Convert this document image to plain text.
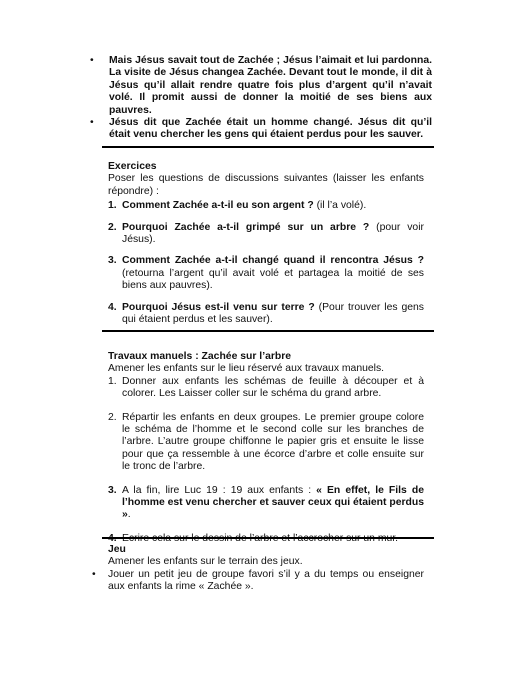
• Mais Jésus savait tout de Zachée ; Jésus l’aimait et lui pardonna. La visite de Jésus changea Zachée. Devant tout le monde, il dit à Jésus qu’il allait rendre quatre fois plus d’argent qu’il n’avait volé. Il promit aussi de donner la moitié de ses biens aux pauvres.
• Jésus dit que Zachée était un homme changé. Jésus dit qu’il était venu chercher les gens qui étaient perdus pour les sauver.
Exercices
Poser les questions de discussions suivantes (laisser les enfants répondre) :
1. Comment Zachée a-t-il eu son argent ? (il l’a volé).
2. Pourquoi Zachée a-t-il grimpé sur un arbre ? (pour voir Jésus).
3. Comment Zachée a-t-il changé quand il rencontra Jésus ? (retourna l’argent qu’il avait volé et partagea la moitié de ses biens aux pauvres).
4. Pourquoi Jésus est-il venu sur terre ? (Pour trouver les gens qui étaient perdus et les sauver).
Travaux manuels : Zachée sur l’arbre
Amener les enfants sur le lieu réservé aux travaux manuels.
1. Donner aux enfants les schémas de feuille à découper et à colorer. Les Laisser coller sur le schéma du grand arbre.
2. Répartir les enfants en deux groupes. Le premier groupe colore le schéma de l’homme et le second colle sur les branches de l’arbre. L’autre groupe chiffonne le papier gris et ensuite le lisse pour que ça ressemble à une écorce d’arbre et colle ensuite sur le tronc de l’arbre.
3. A la fin, lire Luc 19 : 19 aux enfants : « En effet, le Fils de l’homme est venu chercher et sauver ceux qui étaient perdus ».
4. Ecrire cela sur le dessin de l’arbre et l’accrocher sur un mur.
Jeu
Amener les enfants sur le terrain des jeux.
• Jouer un petit jeu de groupe favori s’il y a du temps ou enseigner aux enfants la rime « Zachée ».
